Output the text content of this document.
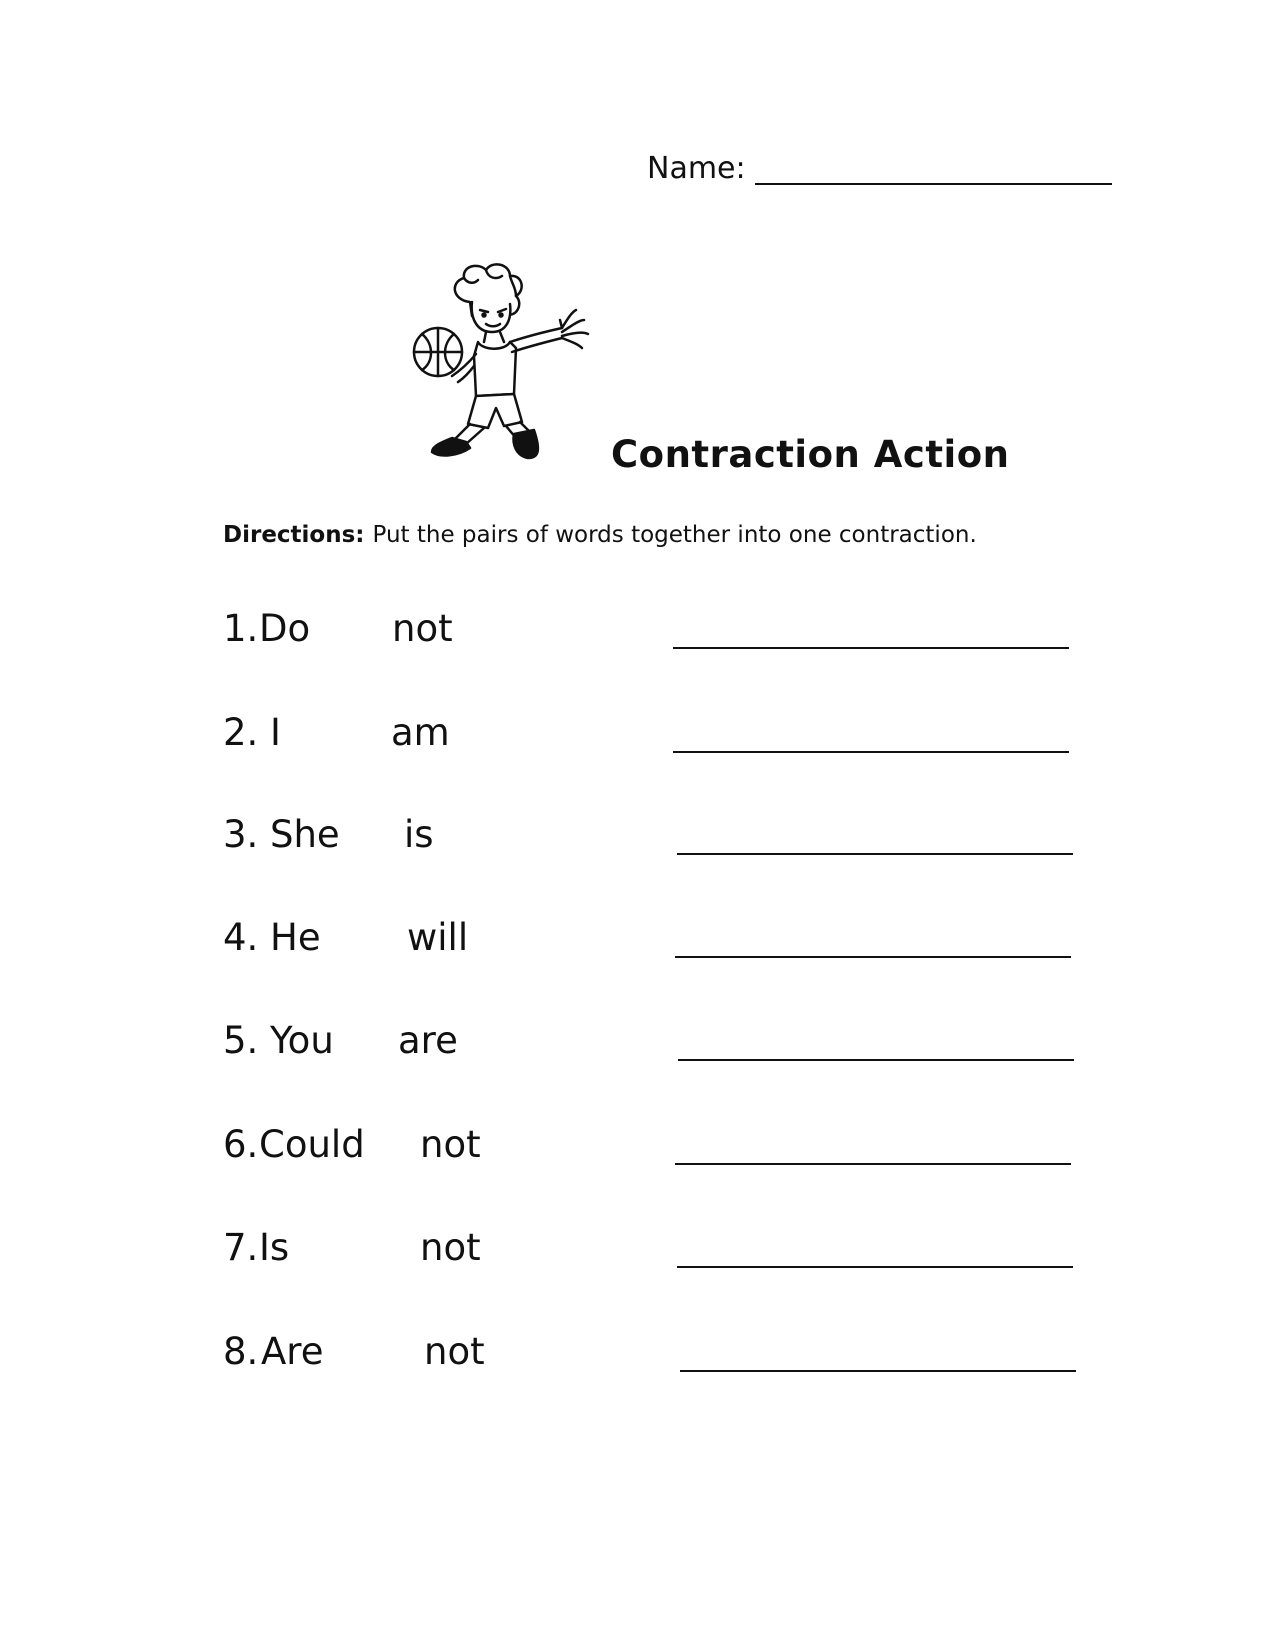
Name:
Contraction Action
Directions: Put the pairs of words together into one contraction.
1. Do not
2. I	am
3. She is
4. He will
5. You are
6. Could not
7. Is	not
8. Are	not
